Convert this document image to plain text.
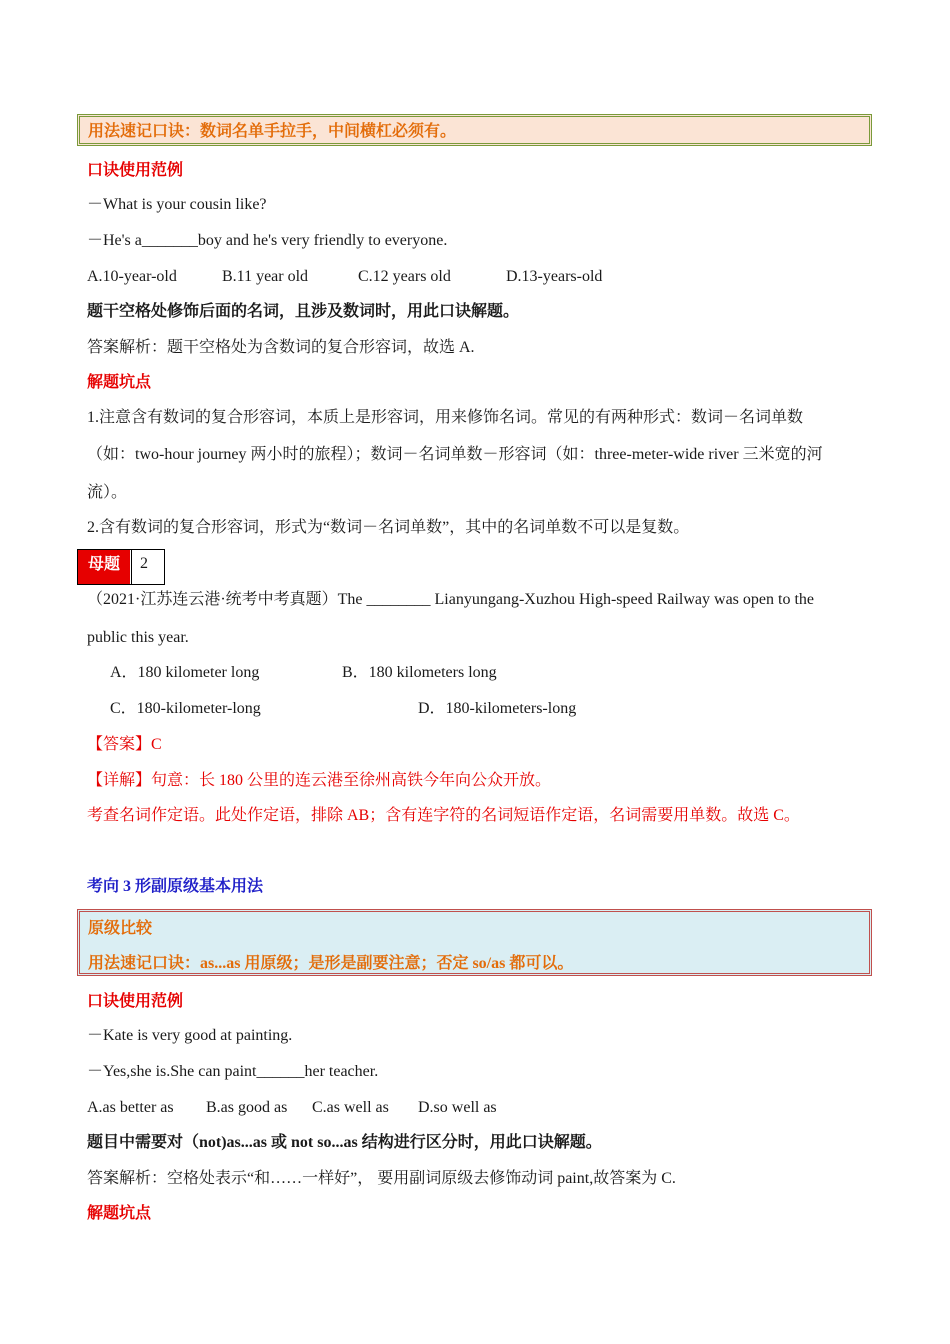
用法速记口诀：数词名单手拉手，中间横杠必须有。
口诀使用范例
－What is your cousin like?
－He's a_______boy and he's very friendly to everyone.
A.10-year-old	B.11 year old	C.12 years old	D.13-years-old
题干空格处修饰后面的名词，且涉及数词时，用此口诀解题。
答案解析：题干空格处为含数词的复合形容词，故选 A.
解题坑点
1.注意含有数词的复合形容词，本质上是形容词，用来修饰名词。常见的有两种形式：数词－名词单数
（如：two-hour journey 两小时的旅程）；数词－名词单数－形容词（如：three-meter-wide river 三米宽的河
流）。
2.含有数词的复合形容词，形式为“数词－名词单数”，其中的名词单数不可以是复数。
母题	2
（2021·江苏连云港·统考中考真题）The ________ Lianyungang-Xuzhou High-speed Railway was open to the
public this year.
A．180 kilometer long	B．180 kilometers long
C．180-kilometer-long	D．180-kilometers-long
【答案】C
【详解】句意：长 180 公里的连云港至徐州高铁今年向公众开放。
考查名词作定语。此处作定语，排除 AB；含有连字符的名词短语作定语，名词需要用单数。故选 C。
考向 3 形副原级基本用法
原级比较
用法速记口诀：as...as 用原级；是形是副要注意；否定 so/as 都可以。
口诀使用范例
－Kate is very good at painting.
－Yes,she is.She can paint______her teacher.
A.as better as B.as good as C.as well as D.so well as
题目中需要对（not)as...as 或 not so...as 结构进行区分时，用此口诀解题。
答案解析：空格处表示“和……一样好”， 要用副词原级去修饰动词 paint,故答案为 C.
解题坑点
